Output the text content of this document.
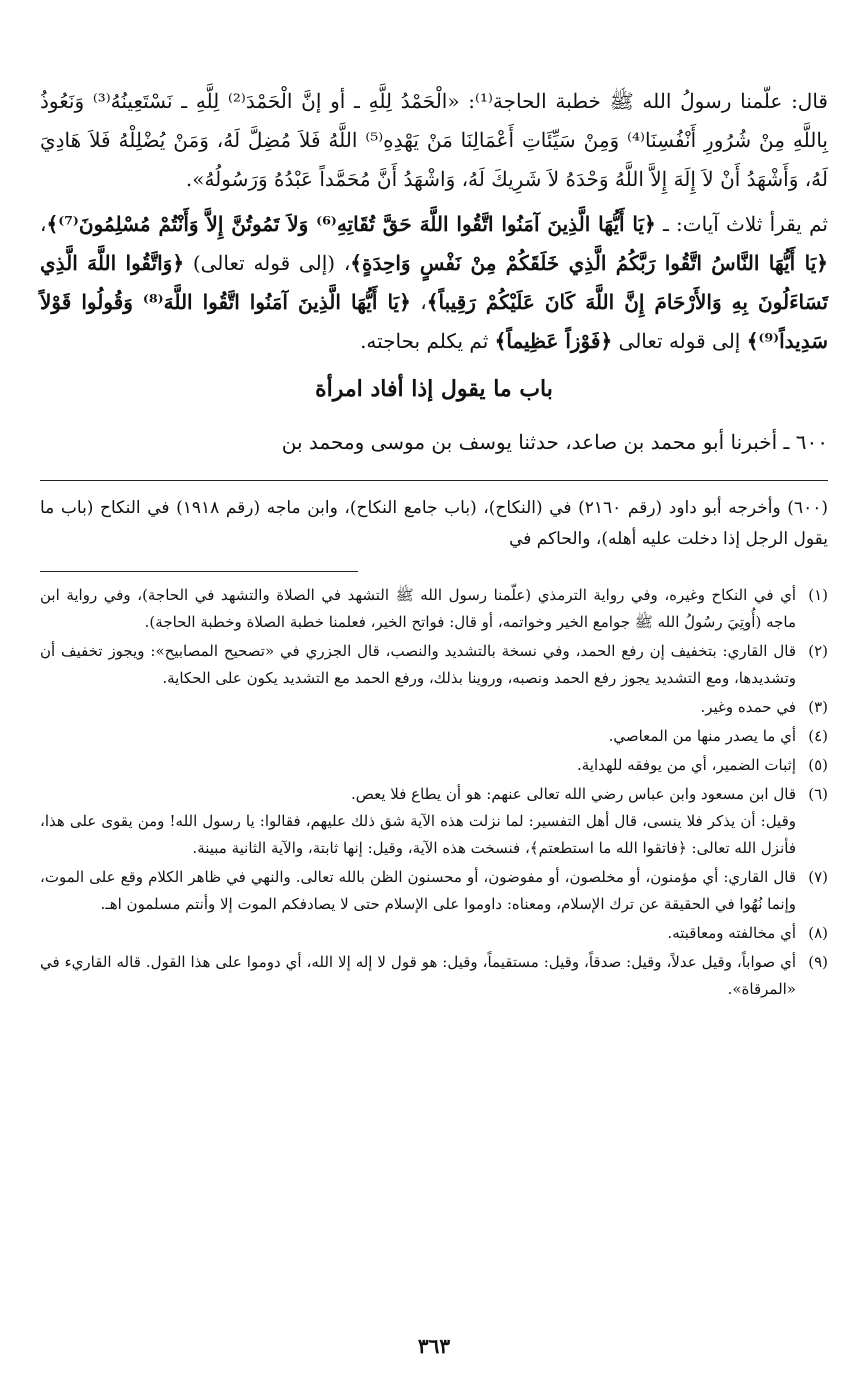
قال: علّمنا رسولُ الله ﷺ خطبة الحاجة⁽¹⁾: «الْحَمْدُ لِلَّهِ ـ أو إنَّ الْحَمْدَ⁽²⁾ لِلَّهِ ـ نَسْتَعِينُهُ⁽³⁾ وَنَعُوذُ بِاللَّهِ مِنْ شُرُورِ أَنْفُسِنَا⁽⁴⁾ وَمِنْ سَيِّئَاتِ أَعْمَالِنَا مَنْ يَهْدِهِ⁽⁵⁾ اللَّهُ فَلاَ مُضِلَّ لَهُ، وَمَنْ يُضْلِلْهُ فَلاَ هَادِيَ لَهُ، وَأَشْهَدُ أَنْ لاَ إِلَهَ إِلاَّ اللَّهُ وَحْدَهُ لاَ شَرِيكَ لَهُ، وَاشْهَدُ أَنَّ مُحَمَّداً عَبْدُهُ وَرَسُولُهُ».

ثم يقرأ ثلاث آيات: ـ ﴿يَا أَيُّهَا الَّذِينَ آمَنُوا اتَّقُوا اللَّهَ حَقَّ تُقَاتِهِ⁽⁶⁾ وَلاَ تَمُوتُنَّ إِلاَّ وَأَنْتُمْ مُسْلِمُونَ⁽⁷⁾﴾، ﴿يَا أَيُّهَا النَّاسُ اتَّقُوا رَبَّكُمُ الَّذِي خَلَقَكُمْ مِنْ نَفْسٍ وَاحِدَةٍ﴾، (إلى قوله تعالى) ﴿وَاتَّقُوا اللَّهَ الَّذِي تَسَاءَلُونَ بِهِ وَالأَرْحَامَ إِنَّ اللَّهَ كَانَ عَلَيْكُمْ رَقِيباً﴾، ﴿يَا أَيُّهَا الَّذِينَ آمَنُوا اتَّقُوا اللَّهَ⁽⁸⁾ وَقُولُوا قَوْلاً سَدِيداً⁽⁹⁾﴾ إلى قوله تعالى ﴿فَوْزاً عَظِيماً﴾ ثم يكلم بحاجته.

باب ما يقول إذا أفاد امرأة

٦٠٠ ـ أخبرنا أبو محمد بن صاعد، حدثنا يوسف بن موسى ومحمد بن

(٦٠٠) وأخرجه أبو داود (رقم ٢١٦٠) في (النكاح)، (باب جامع النكاح)، وابن ماجه (رقم ١٩١٨) في النكاح (باب ما يقول الرجل إذا دخلت عليه أهله)، والحاكم في

(١)

أي في النكاح وغيره، وفي رواية الترمذي (علّمنا رسول الله ﷺ التشهد في الصلاة والتشهد في الحاجة)، وفي رواية ابن ماجه (أُوتِيَ رسُولُ الله ﷺ جوامع الخير وخواتمه، أو قال: فواتح الخير، فعلمنا خطبة الصلاة وخطبة الحاجة).

(٢)

قال القاري: بتخفيف إن رفع الحمد، وفي نسخة بالتشديد والنصب، قال الجزري في «تصحيح المصابيح»: ويجوز تخفيف أن وتشديدها، ومع التشديد يجوز رفع الحمد ونصبه، وروينا بذلك، ورفع الحمد مع التشديد يكون على الحكاية.

(٣)

في حمده وغير.

(٤)

أي ما يصدر منها من المعاصي.

(٥)

إثبات الضمير، أي من يوفقه للهداية.

(٦)

قال ابن مسعود وابن عباس رضي الله تعالى عنهم: هو أن يطاع فلا يعص.

وقيل: أن يذكر فلا ينسى، قال أهل التفسير: لما نزلت هذه الآية شق ذلك عليهم، فقالوا: يا رسول الله! ومن يقوى على هذا، فأنزل الله تعالى: ﴿فاتقوا الله ما استطعتم﴾، فنسخت هذه الآية، وقيل: إنها ثابتة، والآية الثانية مبينة.

(٧)

قال القاري: أي مؤمنون، أو مخلصون، أو مفوضون، أو محسنون الظن بالله تعالى. والنهي في ظاهر الكلام وقع على الموت، وإنما نُهُوا في الحقيقة عن ترك الإسلام، ومعناه: داوموا على الإسلام حتى لا يصادفكم الموت إلا وأنتم مسلمون اهـ.

(٨)

أي مخالفته ومعاقبته.

(٩)

أي صواباً، وقيل عدلاً، وقيل: صدقاً، وقيل: مستقيماً، وقيل: هو قول لا إله إلا الله، أي دوموا على هذا القول. قاله القاريء في «المرقاة».

٣٦٣
